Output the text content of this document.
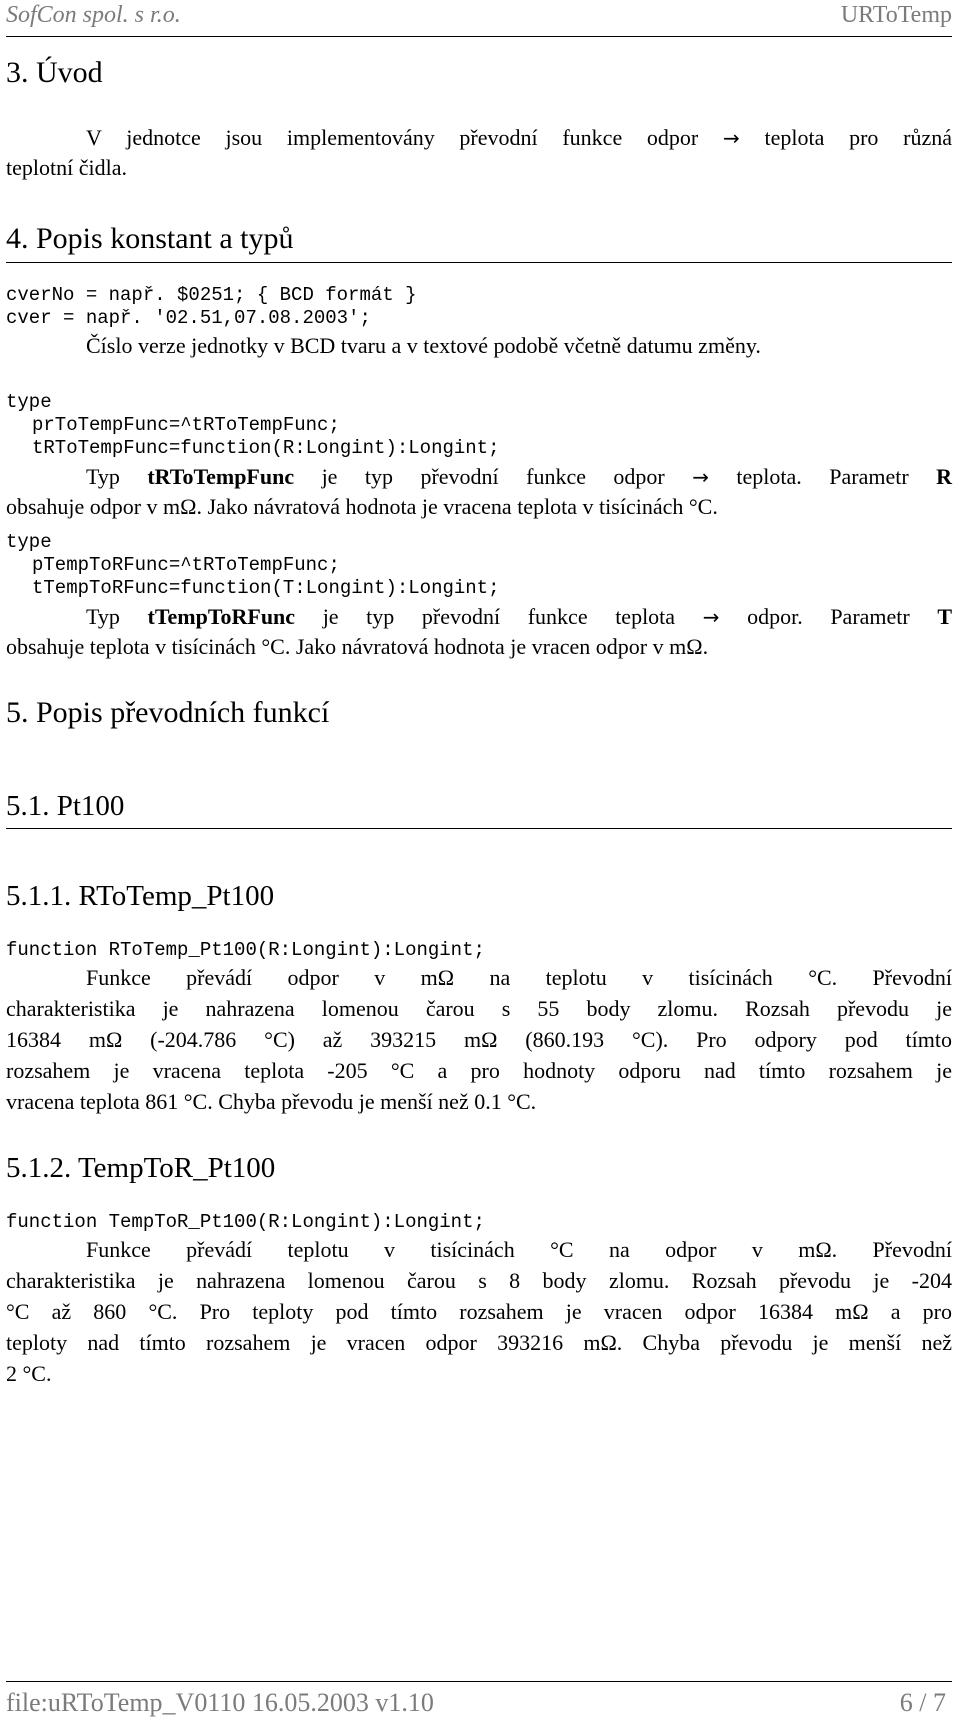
SofCon spol. s r.o.	URToTemp
3. Úvod
V jednotce jsou implementovány převodní funkce odpor → teplota pro různá
teplotní čidla.
4. Popis konstant a typů
cverNo = např. $0251; { BCD formát }
cver = např. '02.51,07.08.2003';
Číslo verze jednotky v BCD tvaru a v textové podobě včetně datumu změny.
type
prToTempFunc=^tRToTempFunc;
tRToTempFunc=function(R:Longint):Longint;
Typ tRToTempFunc je typ převodní funkce odpor → teplota. Parametr R
obsahuje odpor v mΩ. Jako návratová hodnota je vracena teplota v tisícinách °C.
type
pTempToRFunc=^tRToTempFunc;
tTempToRFunc=function(T:Longint):Longint;
Typ tTempToRFunc je typ převodní funkce teplota → odpor. Parametr T
obsahuje teplota v tisícinách °C. Jako návratová hodnota je vracen odpor v mΩ.
5. Popis převodních funkcí
5.1. Pt100
5.1.1. RToTemp_Pt100
function RToTemp_Pt100(R:Longint):Longint;
Funkce převádí odpor v mΩ na teplotu v tisícinách °C. Převodní
charakteristika je nahrazena lomenou čarou s 55 body zlomu. Rozsah převodu je
16384 mΩ (-204.786 °C) až 393215 mΩ (860.193 °C). Pro odpory pod tímto
rozsahem je vracena teplota -205 °C a pro hodnoty odporu nad tímto rozsahem je
vracena teplota 861 °C. Chyba převodu je menší než 0.1 °C.
5.1.2. TempToR_Pt100
function TempToR_Pt100(R:Longint):Longint;
Funkce převádí teplotu v tisícinách °C na odpor v mΩ. Převodní
charakteristika je nahrazena lomenou čarou s 8 body zlomu. Rozsah převodu je -204
°C až 860 °C. Pro teploty pod tímto rozsahem je vracen odpor 16384 mΩ a pro
teploty nad tímto rozsahem je vracen odpor 393216 mΩ. Chyba převodu je menší než
2 °C.
file:uRToTemp_V0110 16.05.2003 v1.10	6 / 7
